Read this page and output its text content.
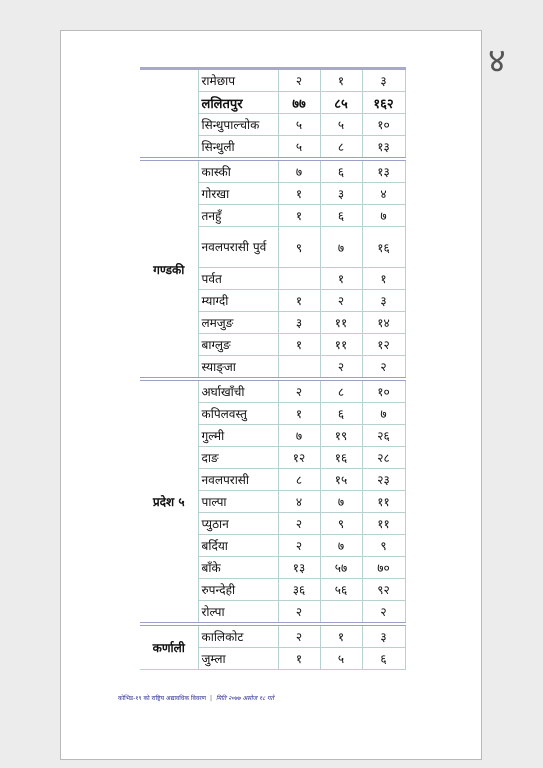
४
	रामेछाप	२	१	३
	ललितपुर	७७	८५	१६२
	सिन्धुपाल्चोक	५	५	१०
	सिन्धुली	५	८	१३
गण्डकी	कास्की	७	६	१३
	गोरखा	१	३	४
	तनहुँ	१	६	७
	नवलपरासी पुर्व	९	७	१६
	पर्वत		१	१
	म्याग्दी	१	२	३
	लमजुङ	३	११	१४
	बाग्लुङ	१	११	१२
	स्याङ्जा		२	२
प्रदेश ५	अर्घाखाँची	२	८	१०
	कपिलवस्तु	१	६	७
	गुल्मी	७	१९	२६
	दाङ	१२	१६	२८
	नवलपरासी	८	१५	२३
	पाल्पा	४	७	११
	प्युठान	२	९	११
	बर्दिया	२	७	९
	बाँके	१३	५७	७०
	रुपन्देही	३६	५६	९२
	रोल्पा	२		२
कर्णाली	कालिकोट	२	१	३
	जुम्ला	१	५	६
कोभिड-१९ को राष्ट्रिय अद्यावधिक विवरण | मिति २०७७ असोज १८ गते
